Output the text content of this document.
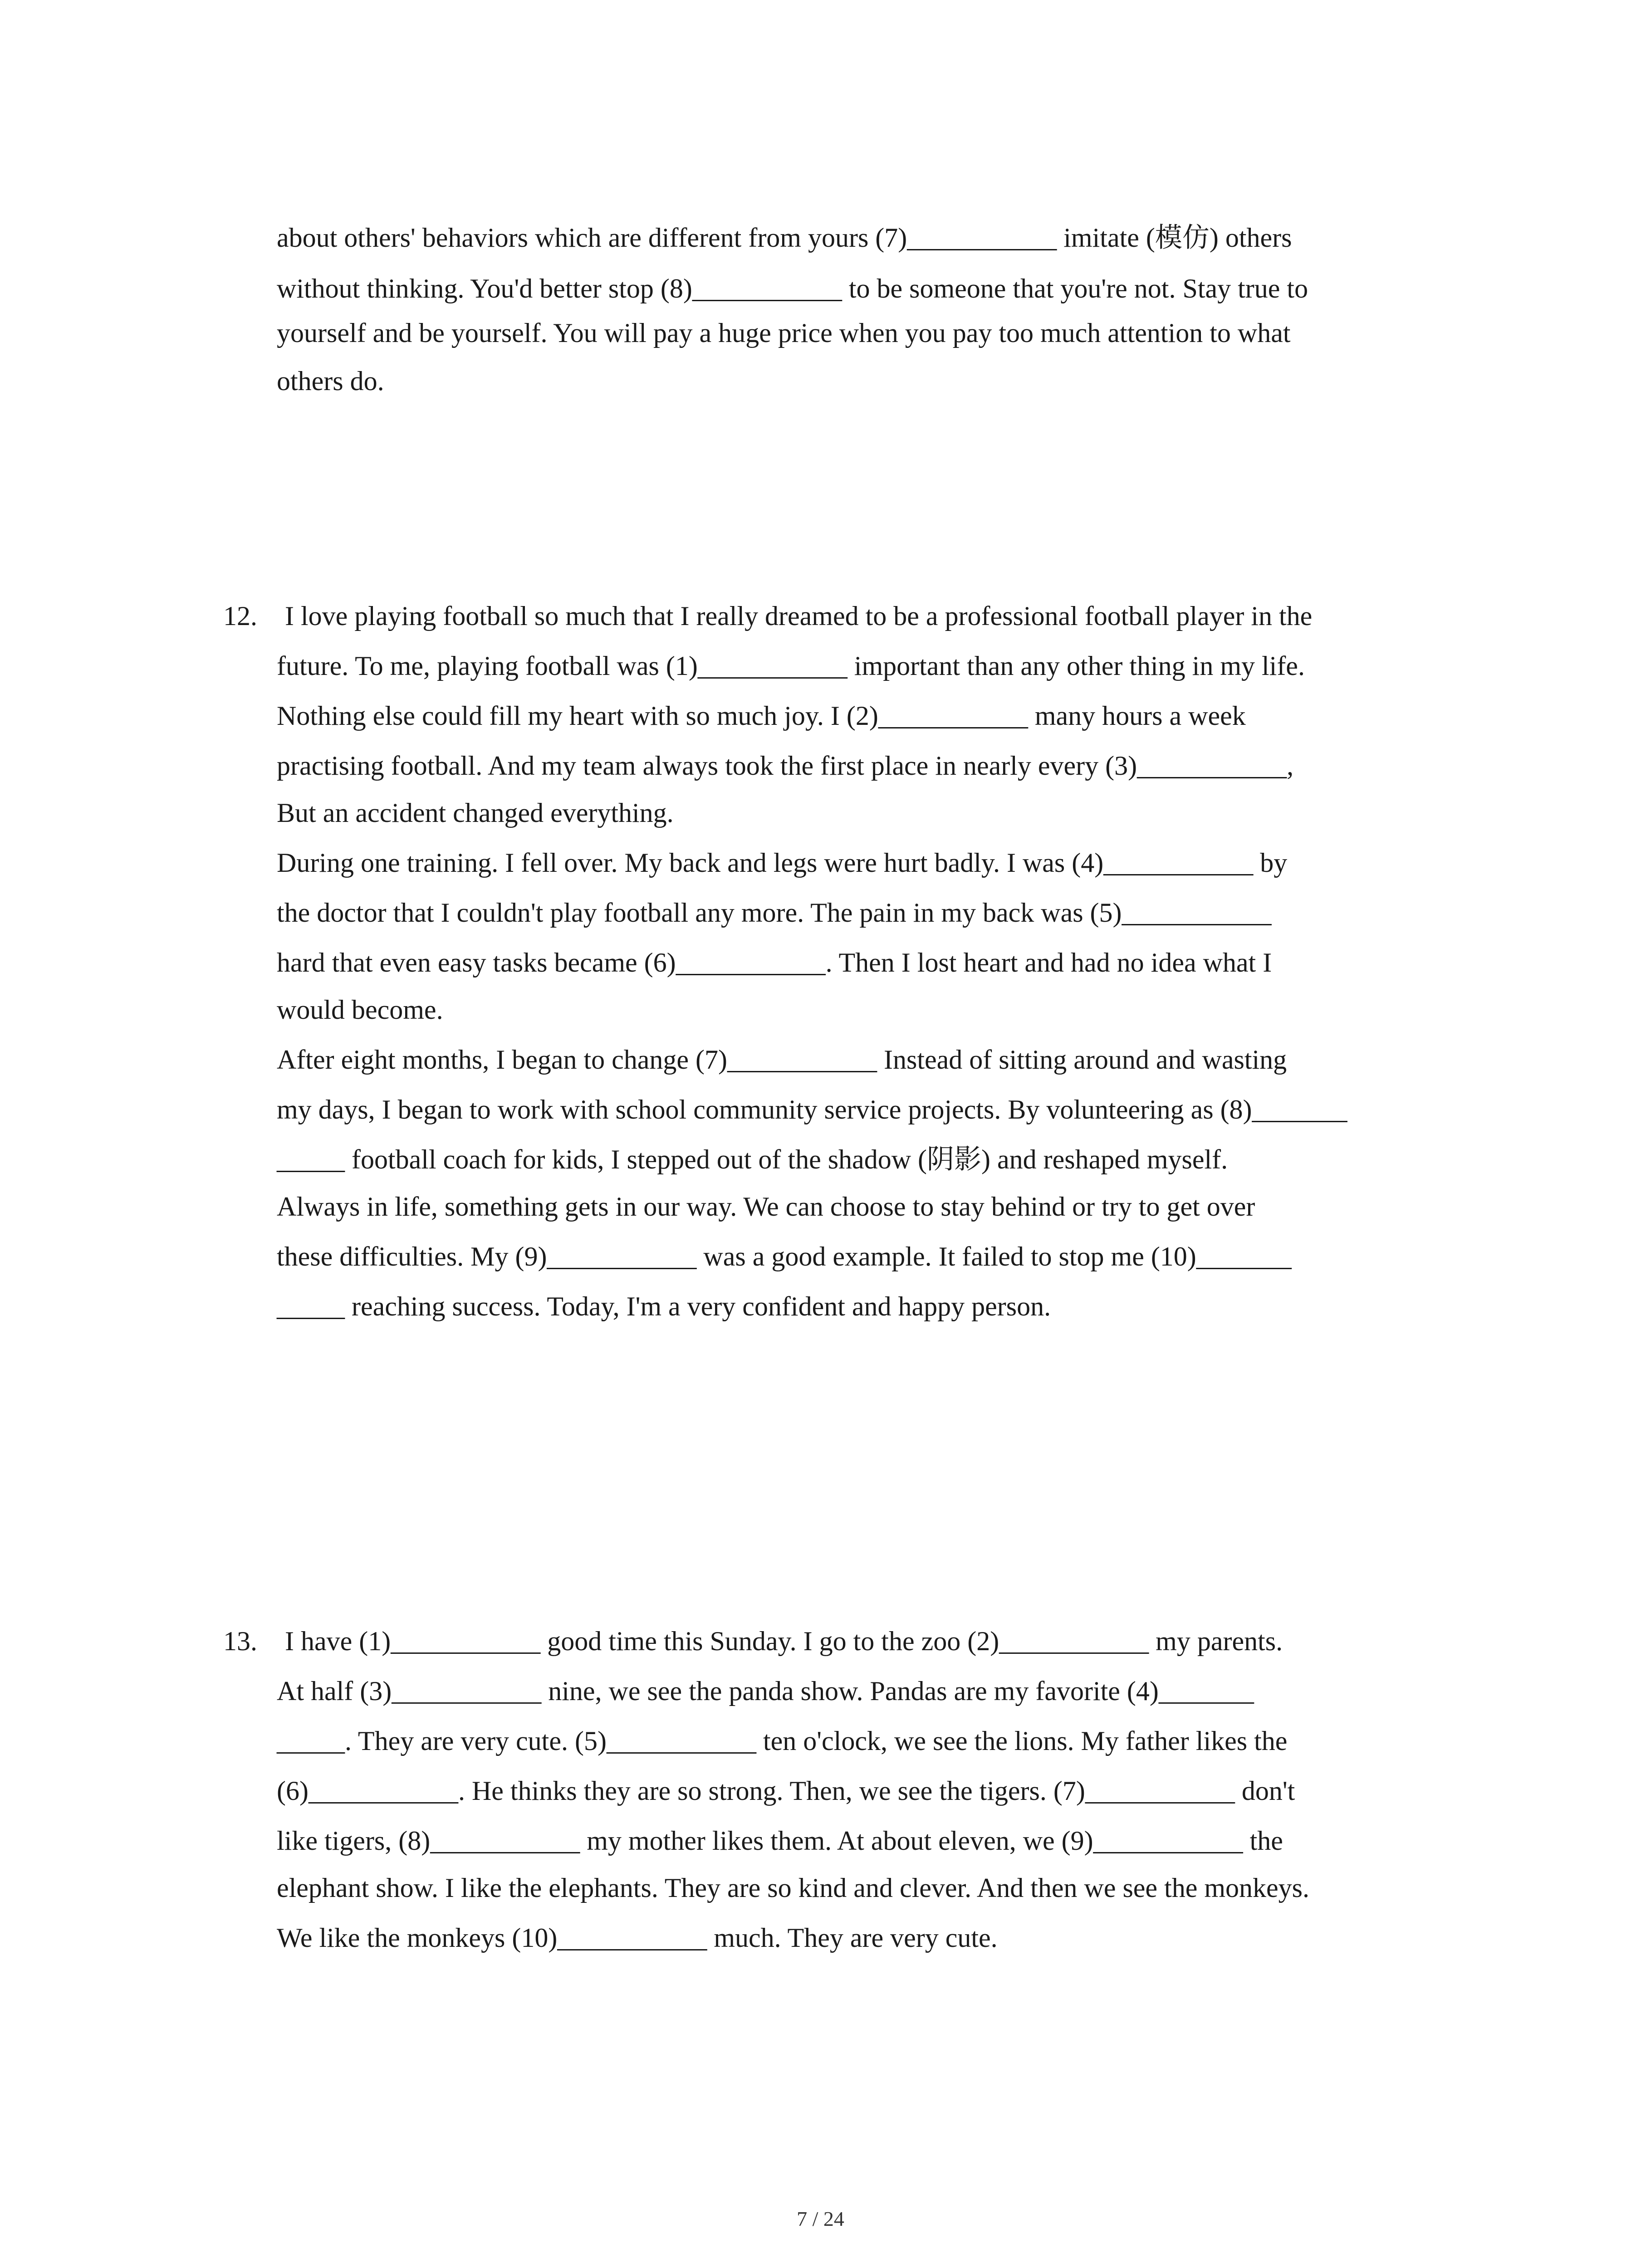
about others' behaviors which are different from yours (7)___________ imitate (模仿) others
without thinking. You'd better stop (8)___________ to be someone that you're not. Stay true to
yourself and be yourself. You will pay a huge price when you pay too much attention to what
others do.
12. I love playing football so much that I really dreamed to be a professional football player in the
future. To me, playing football was (1)___________ important than any other thing in my life.
Nothing else could fill my heart with so much joy. I (2)___________ many hours a week
practising football. And my team always took the first place in nearly every (3)___________,
But an accident changed everything.
During one training. I fell over. My back and legs were hurt badly. I was (4)___________ by
the doctor that I couldn't play football any more. The pain in my back was (5)___________
hard that even easy tasks became (6)___________. Then I lost heart and had no idea what I
would become.
After eight months, I began to change (7)___________ Instead of sitting around and wasting
my days, I began to work with school community service projects. By volunteering as (8)_______
_____ football coach for kids, I stepped out of the shadow (阴影) and reshaped myself.
Always in life, something gets in our way. We can choose to stay behind or try to get over
these difficulties. My (9)___________ was a good example. It failed to stop me (10)_______
_____ reaching success. Today, I'm a very confident and happy person.
13. I have (1)___________ good time this Sunday. I go to the zoo (2)___________ my parents.
At half (3)___________ nine, we see the panda show. Pandas are my favorite (4)_______
_____. They are very cute. (5)___________ ten o'clock, we see the lions. My father likes the
(6)___________. He thinks they are so strong. Then, we see the tigers. (7)___________ don't
like tigers, (8)___________ my mother likes them. At about eleven, we (9)___________ the
elephant show. I like the elephants. They are so kind and clever. And then we see the monkeys.
We like the monkeys (10)___________ much. They are very cute.
7 / 24
